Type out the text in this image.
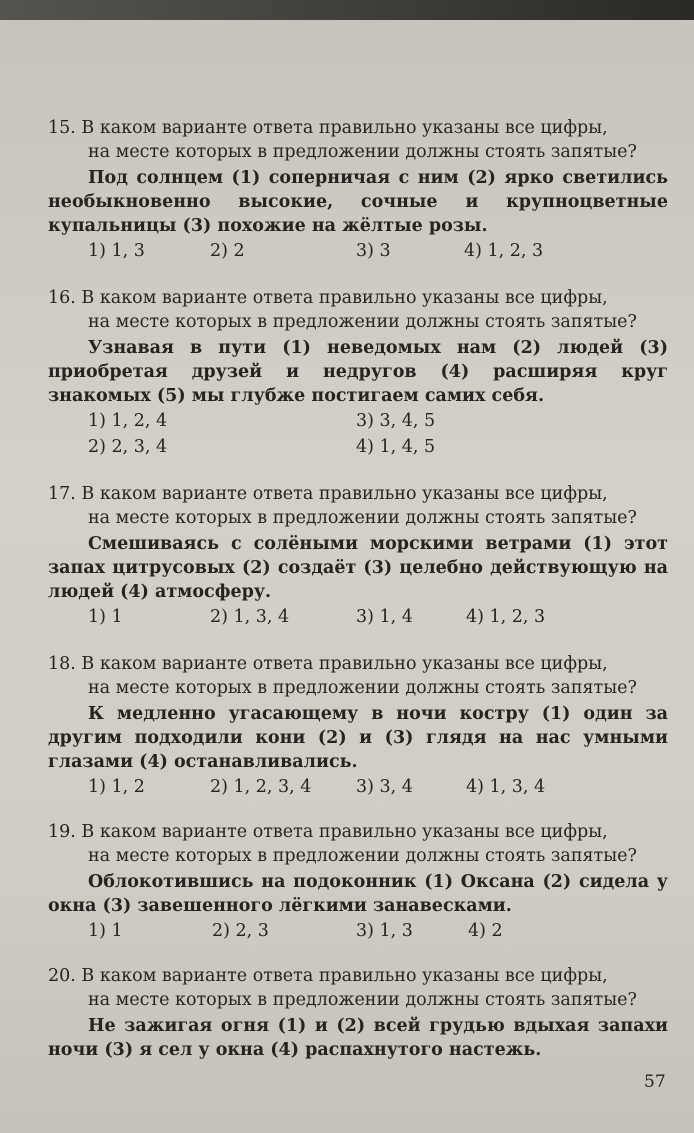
15. В каком варианте ответа правильно указаны все цифры,
на месте которых в предложении должны стоять запятые?
Под солнцем (1) соперничая с ним (2) ярко светились необыкновенно высокие, сочные и крупноцветные купальницы (3) похожие на жёлтые розы.
1) 1, 3	2) 2	3) 3	4) 1, 2, 3
16. В каком варианте ответа правильно указаны все цифры,
на месте которых в предложении должны стоять запятые?
Узнавая в пути (1) неведомых нам (2) людей (3) приобретая друзей и недругов (4) расширяя круг знакомых (5) мы глубже постигаем самих себя.
1) 1, 2, 4	3) 3, 4, 5
2) 2, 3, 4	4) 1, 4, 5
17. В каком варианте ответа правильно указаны все цифры,
на месте которых в предложении должны стоять запятые?
Смешиваясь с солёными морскими ветрами (1) этот запах цитрусовых (2) создаёт (3) целебно действующую на людей (4) атмосферу.
1) 1	2) 1, 3, 4	3) 1, 4	4) 1, 2, 3
18. В каком варианте ответа правильно указаны все цифры,
на месте которых в предложении должны стоять запятые?
К медленно угасающему в ночи костру (1) один за другим подходили кони (2) и (3) глядя на нас умными глазами (4) останавливались.
1) 1, 2	2) 1, 2, 3, 4	3) 3, 4	4) 1, 3, 4
19. В каком варианте ответа правильно указаны все цифры,
на месте которых в предложении должны стоять запятые?
Облокотившись на подоконник (1) Оксана (2) сидела у окна (3) завешенного лёгкими занавесками.
1) 1	2) 2, 3	3) 1, 3	4) 2
20. В каком варианте ответа правильно указаны все цифры,
на месте которых в предложении должны стоять запятые?
Не зажигая огня (1) и (2) всей грудью вдыхая запахи ночи (3) я сел у окна (4) распахнутого настежь.
57
